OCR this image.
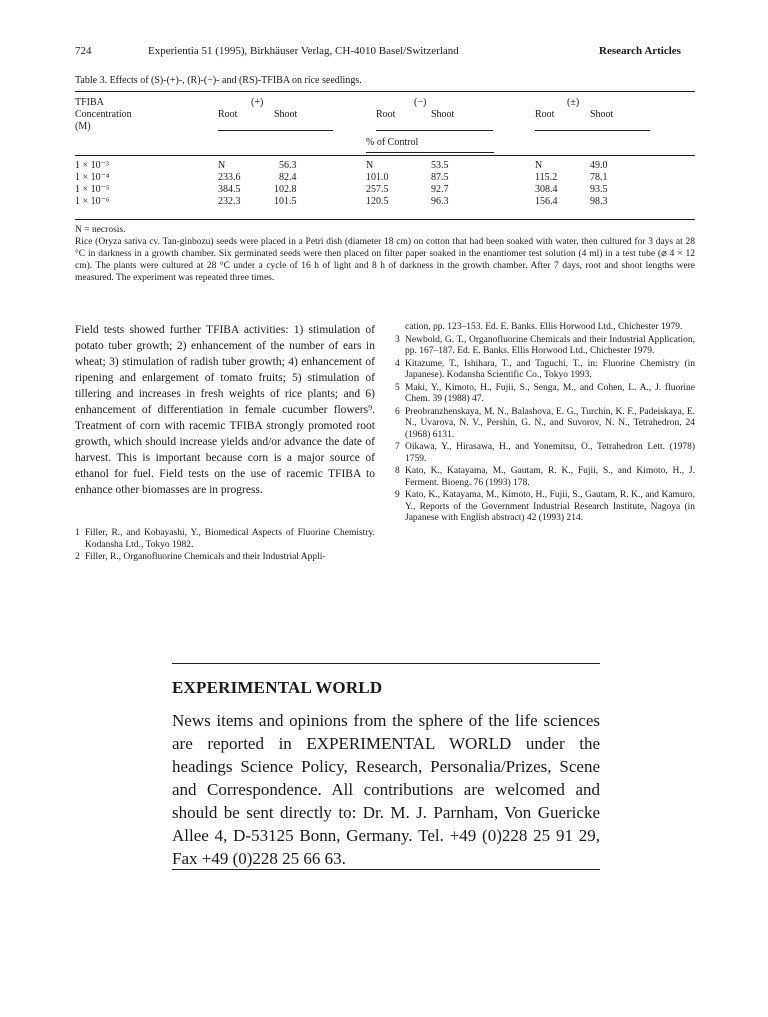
724	Experientia 51 (1995), Birkhäuser Verlag, CH-4010 Basel/Switzerland	Research Articles
Table 3. Effects of (S)-(+)-, (R)-(−)- and (RS)-TFIBA on rice seedlings.
TFIBA
Concentration
(M)
(+)	(−)	(±)
Root	Shoot	Root	Shoot	Root	Shoot
% of Control
1 × 10⁻³	N	56.3	N	53.5	N	49.0
1 × 10⁻⁴	233.6	82.4	101.0	87.5	115.2	78.1
1 × 10⁻⁵	384.5	102.8	257.5	92.7	308.4	93.5
1 × 10⁻⁶	232.3	101.5	120.5	96.3	156.4	98.3
N = necrosis.
Rice (Oryza sativa cv. Tan-ginbozu) seeds were placed in a Petri dish (diameter 18 cm) on cotton that had been soaked with water, then cultured for 3 days at 28 °C in darkness in a growth chamber. Six germinated seeds were then placed on filter paper soaked in the enantiomer test solution (4 ml) in a test tube (⌀ 4 × 12 cm). The plants were cultured at 28 °C under a cycle of 16 h of light and 8 h of darkness in the growth chamber. After 7 days, root and shoot lengths were measured. The experiment was repeated three times.
Field tests showed further TFIBA activities: 1) stimulation of potato tuber growth; 2) enhancement of the number of ears in wheat; 3) stimulation of radish tuber growth; 4) enhancement of ripening and enlargement of tomato fruits; 5) stimulation of tillering and increases in fresh weights of rice plants; and 6) enhancement of differentiation in female cucumber flowers⁹. Treatment of corn with racemic TFIBA strongly promoted root growth, which should increase yields and/or advance the date of harvest. This is important because corn is a major source of ethanol for fuel. Field tests on the use of racemic TFIBA to enhance other biomasses are in progress.
1 Filler, R., and Kobayashi, Y., Biomedical Aspects of Fluorine Chemistry. Kodansha Ltd., Tokyo 1982.
2 Filler, R., Organofluorine Chemicals and their Industrial Appli-
cation, pp. 123–153. Ed. E. Banks. Ellis Horwood Ltd., Chichester 1979.
3 Newbold, G. T., Organofluorine Chemicals and their Industrial Application, pp. 167–187. Ed. E. Banks. Ellis Horwood Ltd., Chichester 1979.
4 Kitazume, T., Ishihara, T., and Taguchi, T., in: Fluorine Chemistry (in Japanese). Kodansha Scientific Co., Tokyo 1993.
5 Maki, Y., Kimoto, H., Fujii, S., Senga, M., and Cohen, L. A., J. fluorine Chem. 39 (1988) 47.
6 Preobranzhenskaya, M. N., Balashova, E. G., Turchin, K. F., Padeiskaya, E. N., Uvarova, N. V., Pershin, G. N., and Suvorov, N. N., Tetrahedron, 24 (1968) 6131.
7 Oikawa, Y., Hirasawa, H., and Yonemitsu, O., Tetrahedron Lett. (1978) 1759.
8 Kato, K., Katayama, M., Gautam, R. K., Fujii, S., and Kimoto, H., J. Ferment. Bioeng. 76 (1993) 178.
9 Kato, K., Katayama, M., Kimoto, H., Fujii, S., Gautam, R. K., and Kamuro, Y., Reports of the Government Industrial Research Institute, Nagoya (in Japanese with English abstract) 42 (1993) 214.
EXPERIMENTAL WORLD
News items and opinions from the sphere of the life sciences are reported in EXPERIMENTAL WORLD under the headings Science Policy, Research, Personalia/Prizes, Scene and Correspondence. All contributions are welcomed and should be sent directly to: Dr. M. J. Parnham, Von Guericke Allee 4, D-53125 Bonn, Germany. Tel. +49 (0)228 25 91 29, Fax +49 (0)228 25 66 63.
